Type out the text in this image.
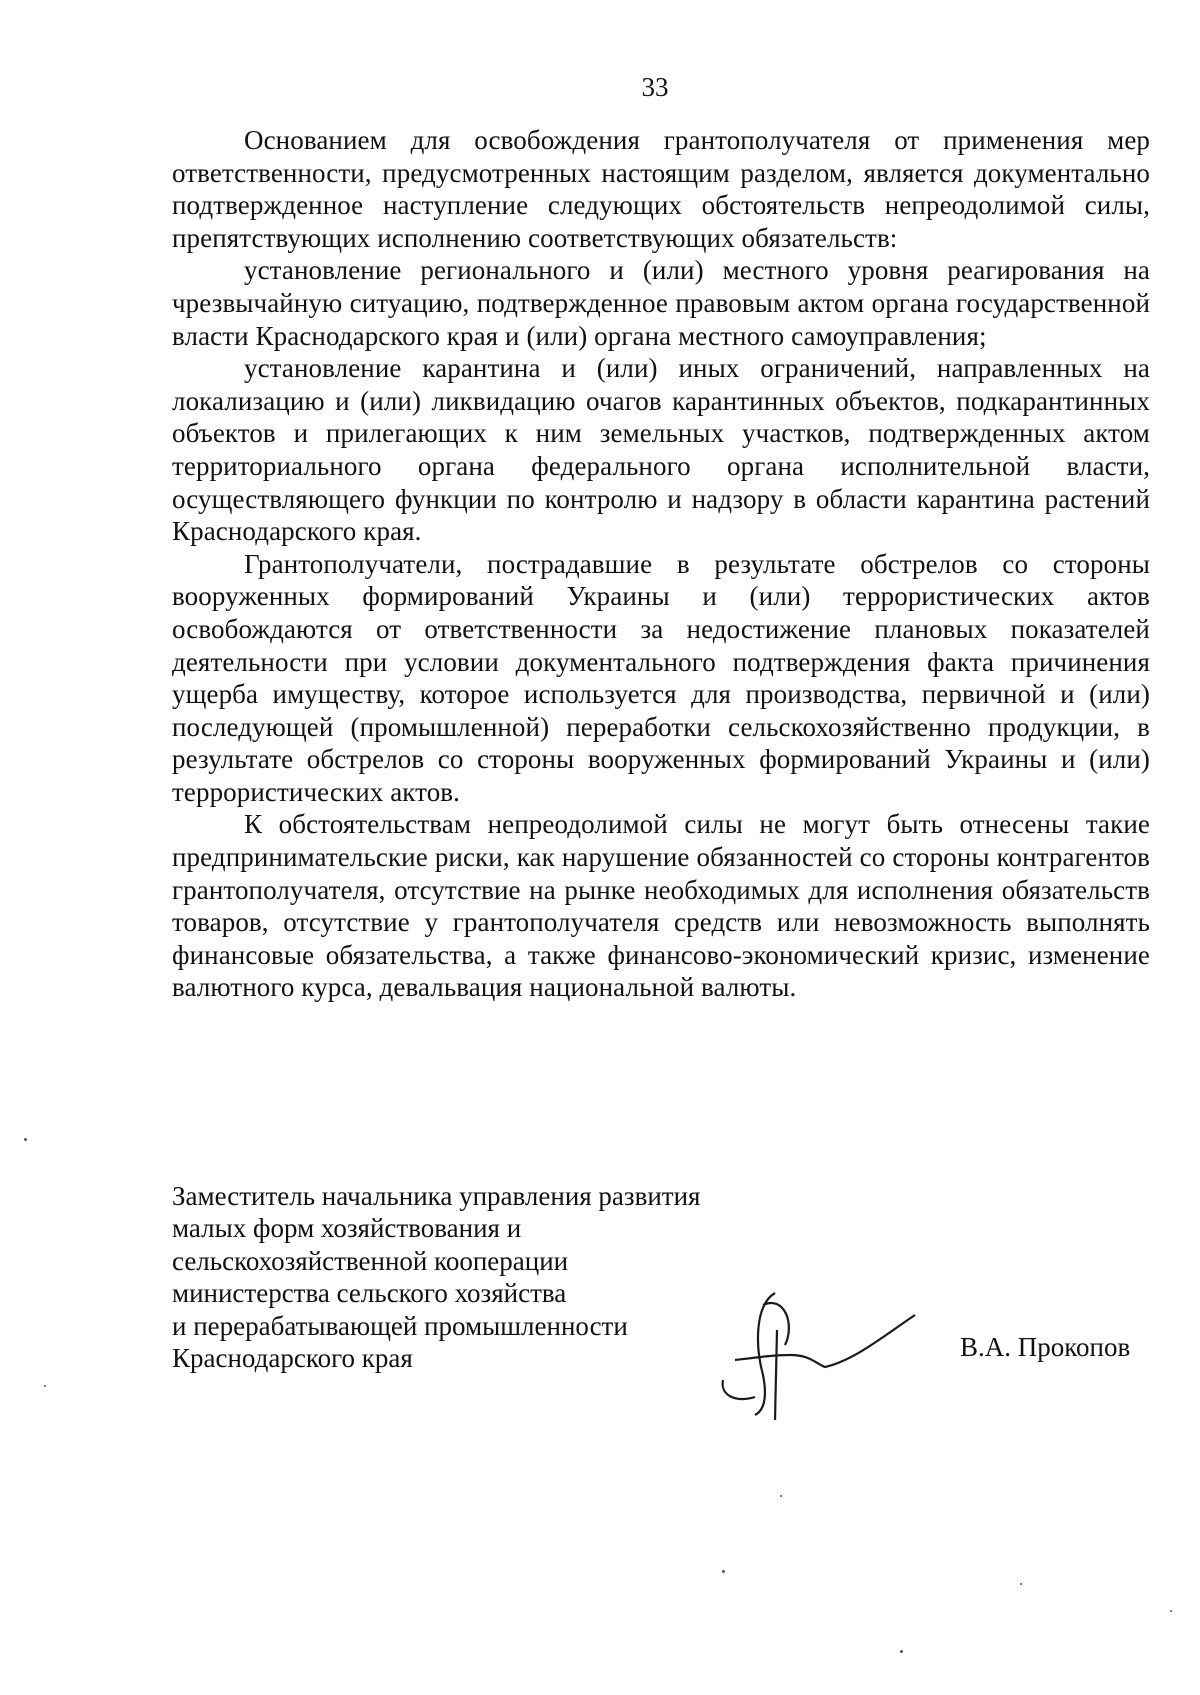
33

Основанием для освобождения грантополучателя от применения мер ответственности, предусмотренных настоящим разделом, является документально подтвержденное наступление следующих обстоятельств непреодолимой силы, препятствующих исполнению соответствующих обязательств:

установление регионального и (или) местного уровня реагирования на чрезвычайную ситуацию, подтвержденное правовым актом органа государственной власти Краснодарского края и (или) органа местного самоуправления;

установление карантина и (или) иных ограничений, направленных на локализацию и (или) ликвидацию очагов карантинных объектов, подкарантинных объектов и прилегающих к ним земельных участков, подтвержденных актом территориального органа федерального органа исполнительной власти, осуществляющего функции по контролю и надзору в области карантина растений Краснодарского края.

Грантополучатели, пострадавшие в результате обстрелов со стороны вооруженных формирований Украины и (или) террористических актов освобождаются от ответственности за недостижение плановых показателей деятельности при условии документального подтверждения факта причинения ущерба имуществу, которое используется для производства, первичной и (или) последующей (промышленной) переработки сельскохозяйственно продукции, в результате обстрелов со стороны вооруженных формирований Украины и (или) террористических актов.

К обстоятельствам непреодолимой силы не могут быть отнесены такие предпринимательские риски, как нарушение обязанностей со стороны контрагентов грантополучателя, отсутствие на рынке необходимых для исполнения обязательств товаров, отсутствие у грантополучателя средств или невозможность выполнять финансовые обязательства, а также финансово-экономический кризис, изменение валютного курса, девальвация национальной валюты.

Заместитель начальника управления развития
малых форм хозяйствования и
сельскохозяйственной кооперации
министерства сельского хозяйства
и перерабатывающей промышленности
Краснодарского края	В.А. Прокопов
